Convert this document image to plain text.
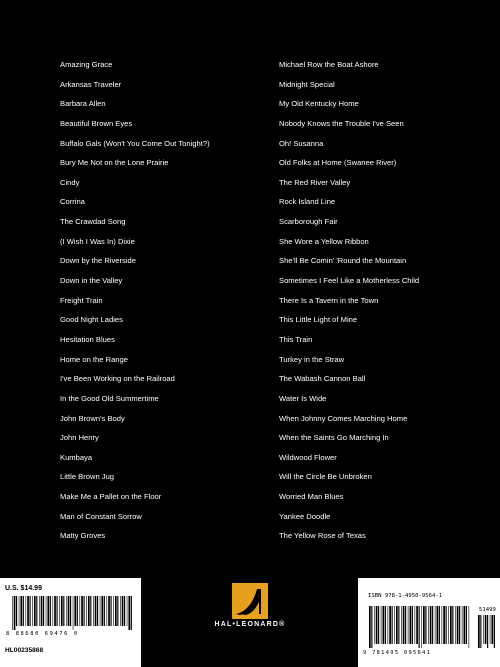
Amazing Grace
Arkansas Traveler
Barbara Allen
Beautiful Brown Eyes
Buffalo Gals (Won't You Come Out Tonight?)
Bury Me Not on the Lone Prairie
Cindy
Corrina
The Crawdad Song
(I Wish I Was In) Dixie
Down by the Riverside
Down in the Valley
Freight Train
Good Night Ladies
Hesitation Blues
Home on the Range
I've Been Working on the Railroad
In the Good Old Summertime
John Brown's Body
John Henry
Kumbaya
Little Brown Jug
Make Me a Pallet on the Floor
Man of Constant Sorrow
Matty Groves
Michael Row the Boat Ashore
Midnight Special
My Old Kentucky Home
Nobody Knows the Trouble I've Seen
Oh! Susanna
Old Folks at Home (Swanee River)
The Red River Valley
Rock Island Line
Scarborough Fair
She Wore a Yellow Ribbon
She'll Be Comin' 'Round the Mountain
Sometimes I Feel Like a Motherless Child
There Is a Tavern in the Town
This Little Light of Mine
This Train
Turkey in the Straw
The Wabash Cannon Ball
Water Is Wide
When Johnny Comes Marching Home
When the Saints Go Marching In
Wildwood Flower
Will the Circle Be Unbroken
Worried Man Blues
Yankee Doodle
The Yellow Rose of Texas
U.S. $14.99
8 88680 69476 0
HL00235868
HAL•LEONARD®
ISBN 978-1-4950-9564-1
51499
9 781495 095641
